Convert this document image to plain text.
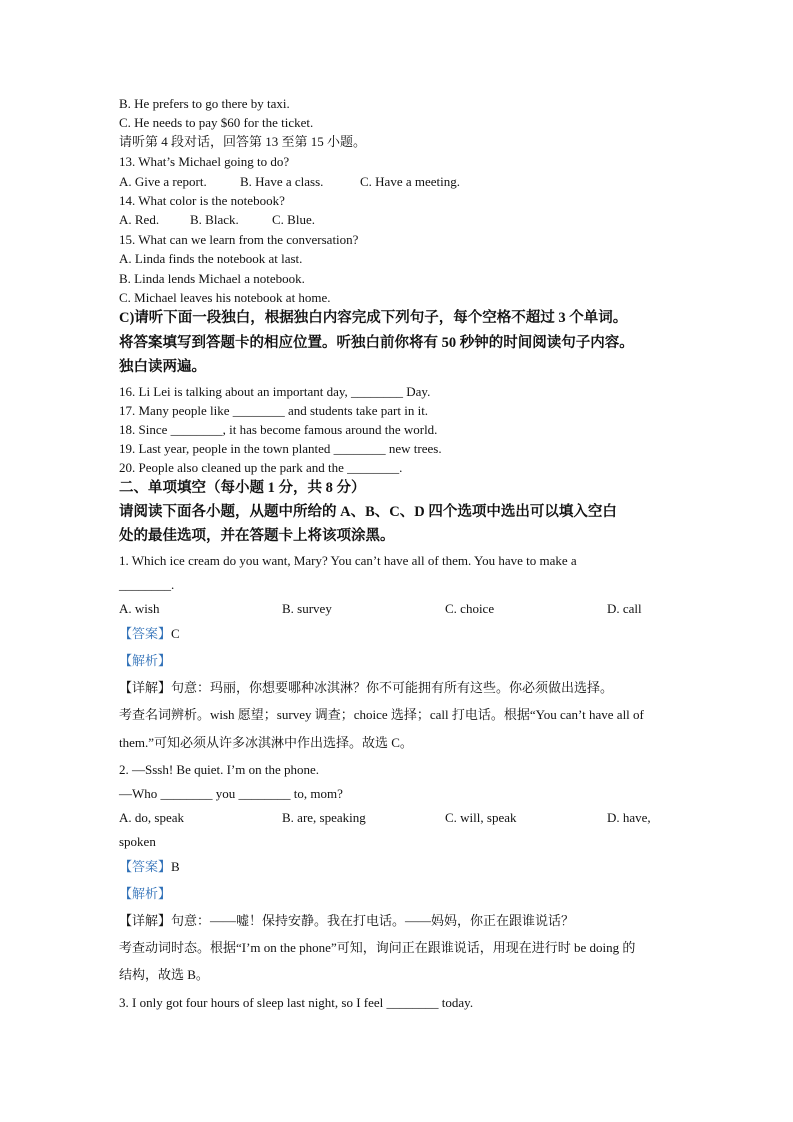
B. He prefers to go there by taxi.
C. He needs to pay $60 for the ticket.
请听第 4 段对话，回答第 13 至第 15 小题。
13. What’s Michael going to do?
A. Give a report.	B. Have a class.	C. Have a meeting.
14. What color is the notebook?
A. Red. B. Black.	C. Blue.
15. What can we learn from the conversation?
A. Linda finds the notebook at last.
B. Linda lends Michael a notebook.
C. Michael leaves his notebook at home.
C)请听下面一段独白，根据独白内容完成下列句子，每个空格不超过 3 个单词。
将答案填写到答题卡的相应位置。听独白前你将有 50 秒钟的时间阅读句子内容。
独白读两遍。
16. Li Lei is talking about an important day, ________ Day.
17. Many people like ________ and students take part in it.
18. Since ________, it has become famous around the world.
19. Last year, people in the town planted ________ new trees.
20. People also cleaned up the park and the ________.
二、单项填空（每小题 1 分，共 8 分）
请阅读下面各小题，从题中所给的 A、B、C、D 四个选项中选出可以填入空白
处的最佳选项，并在答题卡上将该项涂黑。
1. Which ice cream do you want, Mary? You can’t have all of them. You have to make a
________.
A. wish	B. survey	C. choice	D. call
【答案】C
【解析】
【详解】句意：玛丽，你想要哪种冰淇淋？你不可能拥有所有这些。你必须做出选择。
考查名词辨析。wish 愿望；survey 调查；choice 选择；call 打电话。根据“You can’t have all of
them.”可知必须从许多冰淇淋中作出选择。故选 C。
2. —Sssh! Be quiet. I’m on the phone.
—Who ________ you ________ to, mom?
A. do, speak	B. are, speaking	C. will, speak	D. have,
spoken
【答案】B
【解析】
【详解】句意：——嘘！保持安静。我在打电话。——妈妈，你正在跟谁说话？
考查动词时态。根据“I’m on the phone”可知，询问正在跟谁说话，用现在进行时 be doing 的
结构，故选 B。
3. I only got four hours of sleep last night, so I feel ________ today.
